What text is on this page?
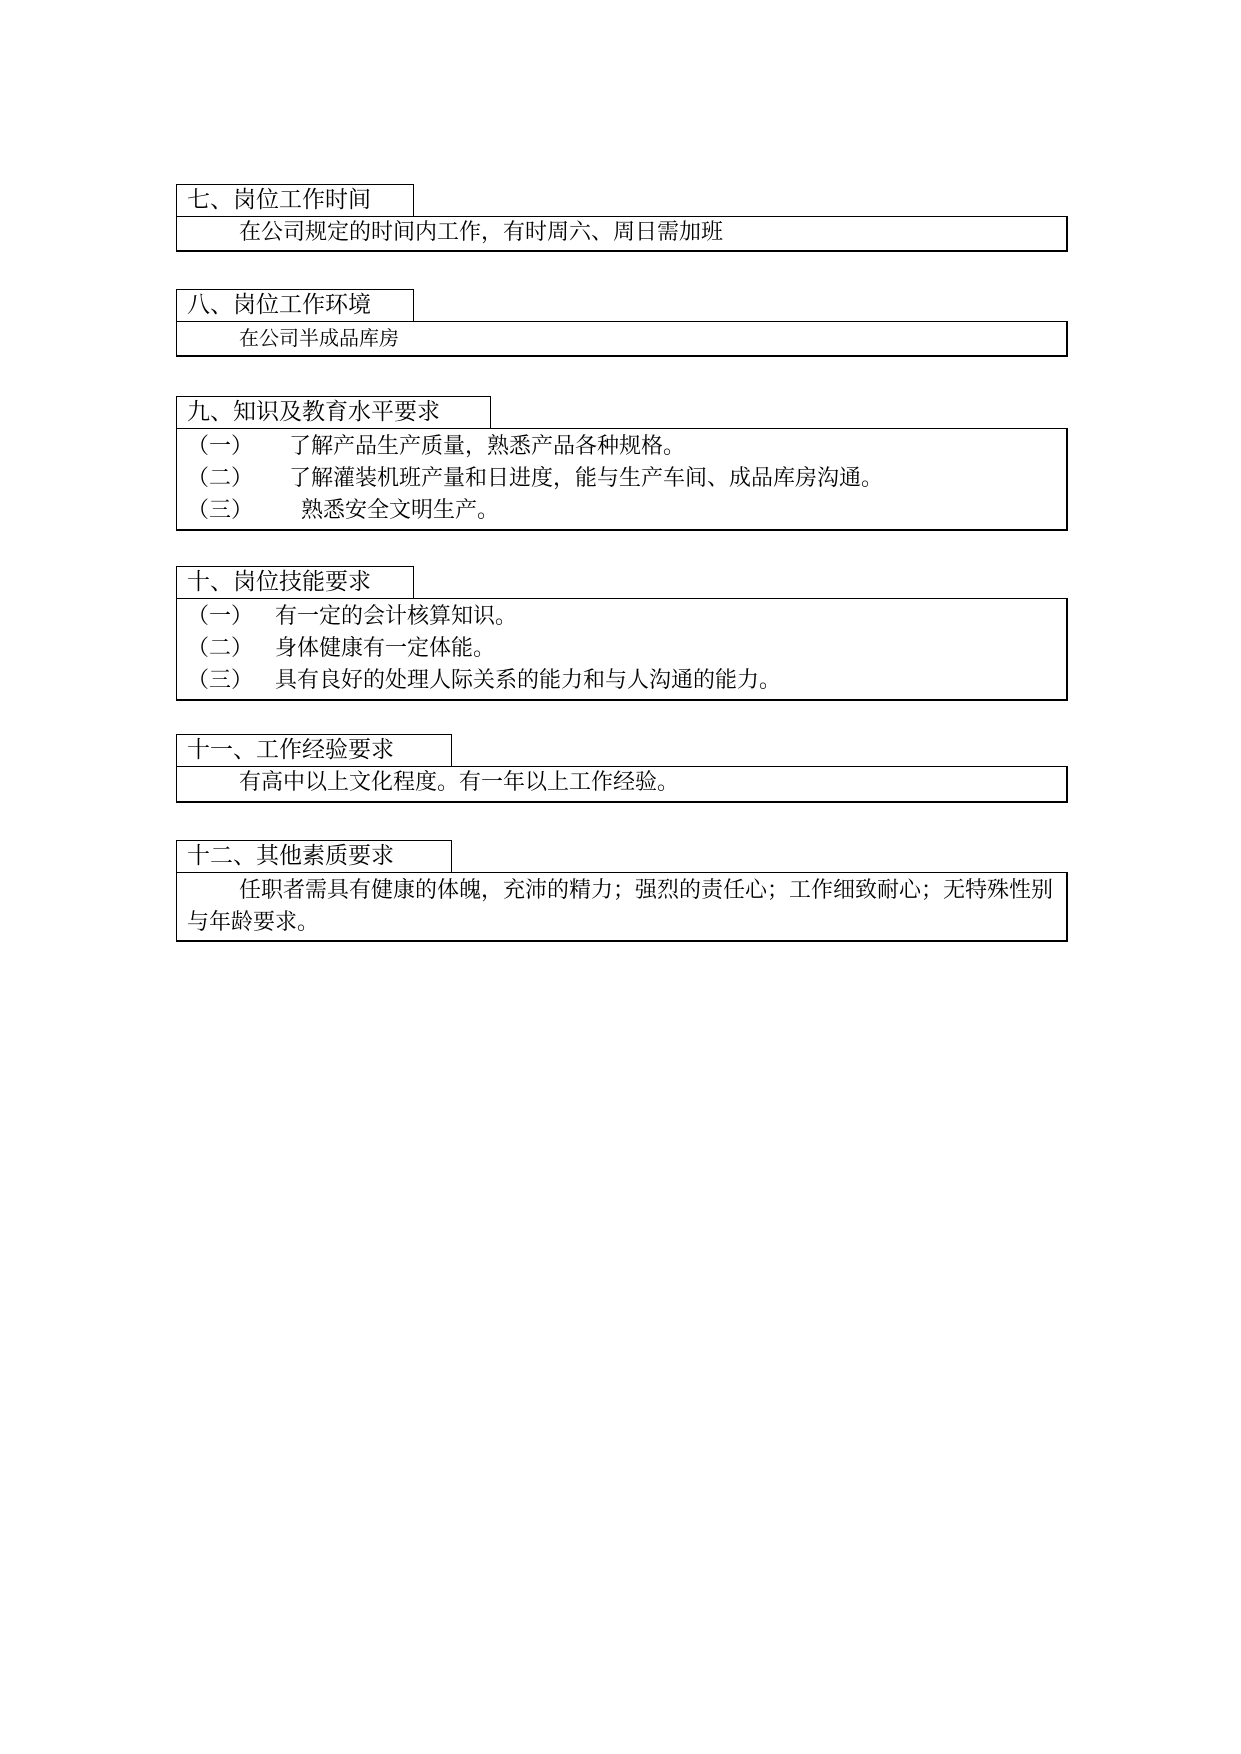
七、岗位工作时间
在公司规定的时间内工作，有时周六、周日需加班
八、岗位工作环境
在公司半成品库房
九、知识及教育水平要求
（一）	了解产品生产质量，熟悉产品各种规格。
（二）	了解灌装机班产量和日进度，能与生产车间、成品库房沟通。
（三）	熟悉安全文明生产。
十、岗位技能要求
（一） 有一定的会计核算知识。
（二） 身体健康有一定体能。
（三） 具有良好的处理人际关系的能力和与人沟通的能力。
十一、工作经验要求
有高中以上文化程度。有一年以上工作经验。
十二、其他素质要求
任职者需具有健康的体魄，充沛的精力；强烈的责任心；工作细致耐心；无特殊性别与年龄要求。
